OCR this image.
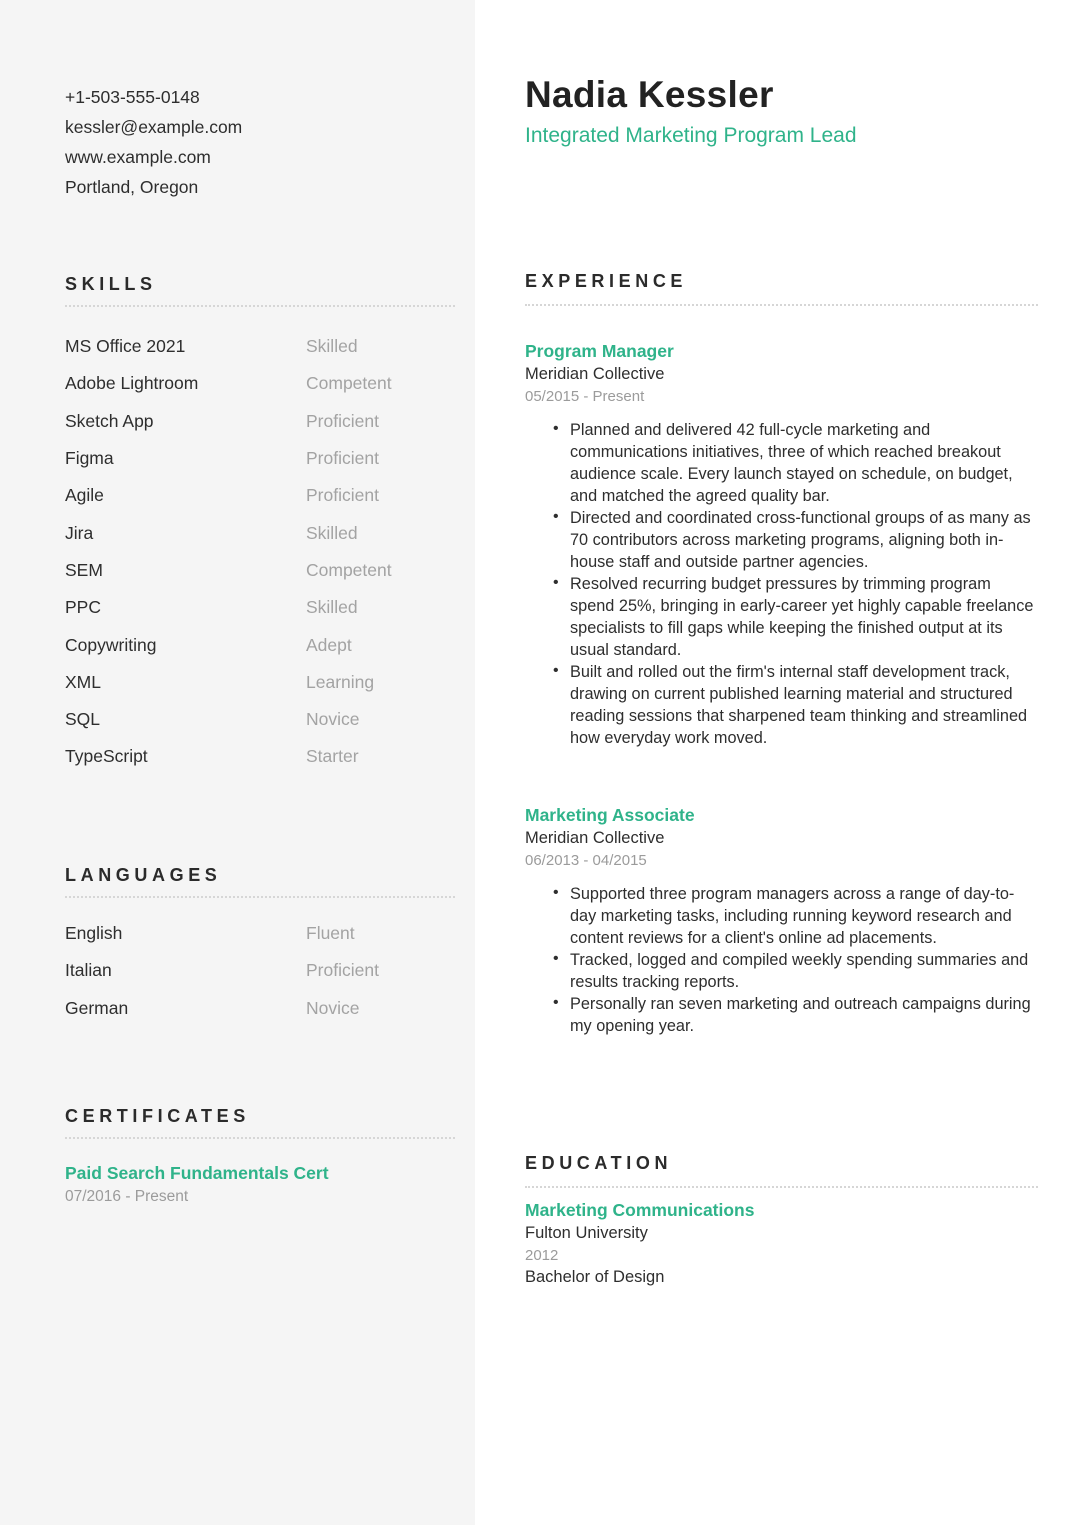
+1-503-555-0148
kessler@example.com
www.example.com
Portland, Oregon
SKILLS
MS Office 2021	Skilled
Adobe Lightroom	Competent
Sketch App	Proficient
Figma	Proficient
Agile	Proficient
Jira	Skilled
SEM	Competent
PPC	Skilled
Copywriting	Adept
XML	Learning
SQL	Novice
TypeScript	Starter
LANGUAGES
English	Fluent
Italian	Proficient
German	Novice
CERTIFICATES
Paid Search Fundamentals Cert
07/2016 - Present
Nadia Kessler
Integrated Marketing Program Lead
EXPERIENCE
Program Manager
Meridian Collective
05/2015 - Present
• Planned and delivered 42 full-cycle marketing and communications initiatives, three of which reached breakout audience scale. Every launch stayed on schedule, on budget, and matched the agreed quality bar.
• Directed and coordinated cross-functional groups of as many as 70 contributors across marketing programs, aligning both in-house staff and outside partner agencies.
• Resolved recurring budget pressures by trimming program spend 25%, bringing in early-career yet highly capable freelance specialists to fill gaps while keeping the finished output at its usual standard.
• Built and rolled out the firm's internal staff development track, drawing on current published learning material and structured reading sessions that sharpened team thinking and streamlined how everyday work moved.
Marketing Associate
Meridian Collective
06/2013 - 04/2015
• Supported three program managers across a range of day-to-day marketing tasks, including running keyword research and content reviews for a client's online ad placements.
• Tracked, logged and compiled weekly spending summaries and results tracking reports.
• Personally ran seven marketing and outreach campaigns during my opening year.
EDUCATION
Marketing Communications
Fulton University
2012
Bachelor of Design
